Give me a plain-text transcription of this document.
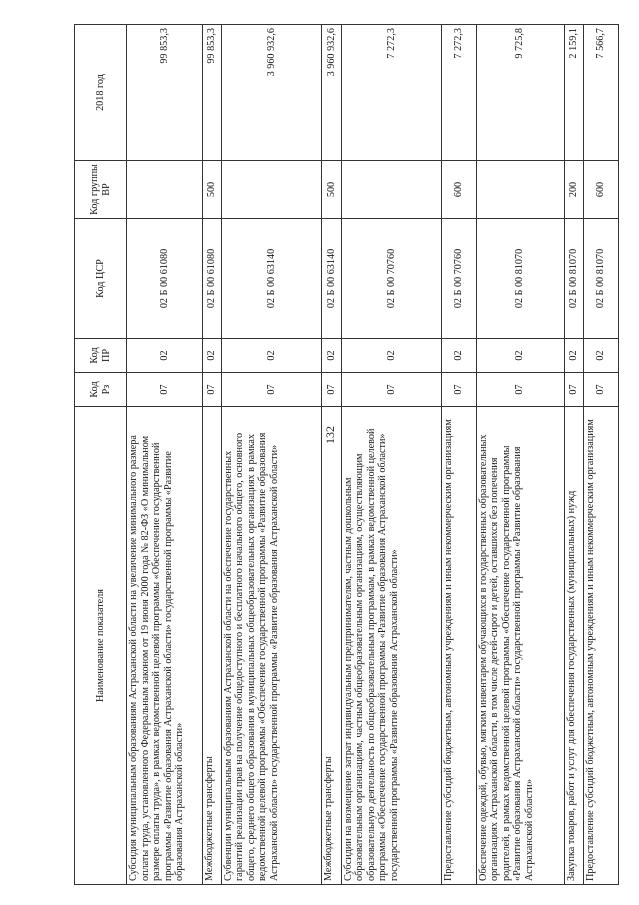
132
Наименование показателя	Код Рз	Код ПР	Код ЦСР	Код группы ВР	2018 год
Субсидия муниципальным образованиям Астраханской области на увеличение минимального размера оплаты труда, установленного Федеральным законом от 19 июня 2000 года № 82-ФЗ «О минимальном размере оплаты труда», в рамках ведомственной целевой программы «Обеспечение государственной программы «Развитие образования Астраханской области» государственной программы «Развитие образования Астраханской области»	07	02	02 Б 00 61080		99 853,3
Межбюджетные трансферты	07	02	02 Б 00 61080	500	99 853,3
Субвенции муниципальным образованиям Астраханской области на обеспечение государственных гарантий реализации прав на получение общедоступного и бесплатного начального общего, основного общего, среднего общего образования в муниципальных общеобразовательных организациях в рамках ведомственной целевой программы «Обеспечение государственной программы «Развитие образования Астраханской области» государственной программы «Развитие образования Астраханской области»	07	02	02 Б 00 63140		3 960 932,6
Межбюджетные трансферты	07	02	02 Б 00 63140	500	3 960 932,6
Субсидии на возмещение затрат индивидуальным предпринимателям, частным дошкольным образовательным организациям, частным общеобразовательным организациям, осуществляющим образовательную деятельность по общеобразовательным программам, в рамках ведомственной целевой программы «Обеспечение государственной программы «Развитие образования Астраханской области» государственной программы «Развитие образования Астраханской области»	07	02	02 Б 00 70760		7 272,3
Предоставление субсидий бюджетным, автономным учреждениям и иным некоммерческим организациям	07	02	02 Б 00 70760	600	7 272,3
Обеспечение одеждой, обувью, мягким инвентарем обучающихся в государственных образовательных организациях Астраханской области, в том числе детей-сирот и детей, оставшихся без попечения родителей, в рамках ведомственной целевой программы «Обеспечение государственной программы «Развитие образования Астраханской области» государственной программы «Развитие образования Астраханской области»	07	02	02 Б 00 81070		9 725,8
Закупка товаров, работ и услуг для обеспечения государственных (муниципальных) нужд	07	02	02 Б 00 81070	200	2 159,1
Предоставление субсидий бюджетным, автономным учреждениям и иным некоммерческим организациям	07	02	02 Б 00 81070	600	7 566,7
